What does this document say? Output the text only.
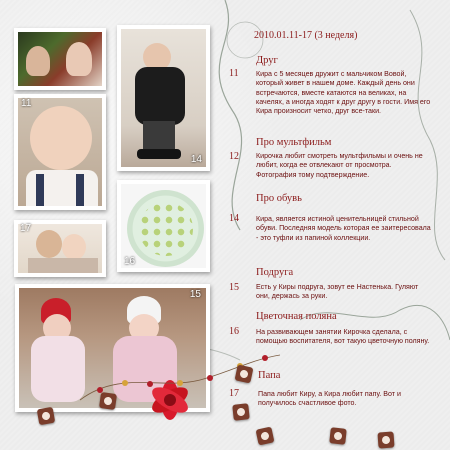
14
11
16
17
15
2010.01.11-17 (3 неделя)
Друг
11 Кира с 5 месяцев дружит с мальчиком Вовой, который живет в нашем доме. Каждый день они встречаются, вместе катаются на великах, на качелях, а иногда ходят к друг другу в гости. Имя его Кира произносит четко, друг все-таки.
Про мультфильм
12 Кирочка любит смотреть мультфильмы и очень не любит, когда ее отвлекают от просмотра. Фотография тому подтверждение.
Про обувь
14 Кира, является истиной ценительницей стильной обуви. Последняя модель которая ее заитересовала - это туфли из папиной коллекции.
Подруга
15 Есть у Киры подруга, зовут ее Настенька. Гуляют они, держась за руки.
Цветочная поляна
16 На развивающем занятии Кирочка сделала, с помощью воспитателя, вот такую цветочную поляну.
Папа
17	Папа любит Киру, а Кира любит папу. Вот и получилось счастливое фото.
